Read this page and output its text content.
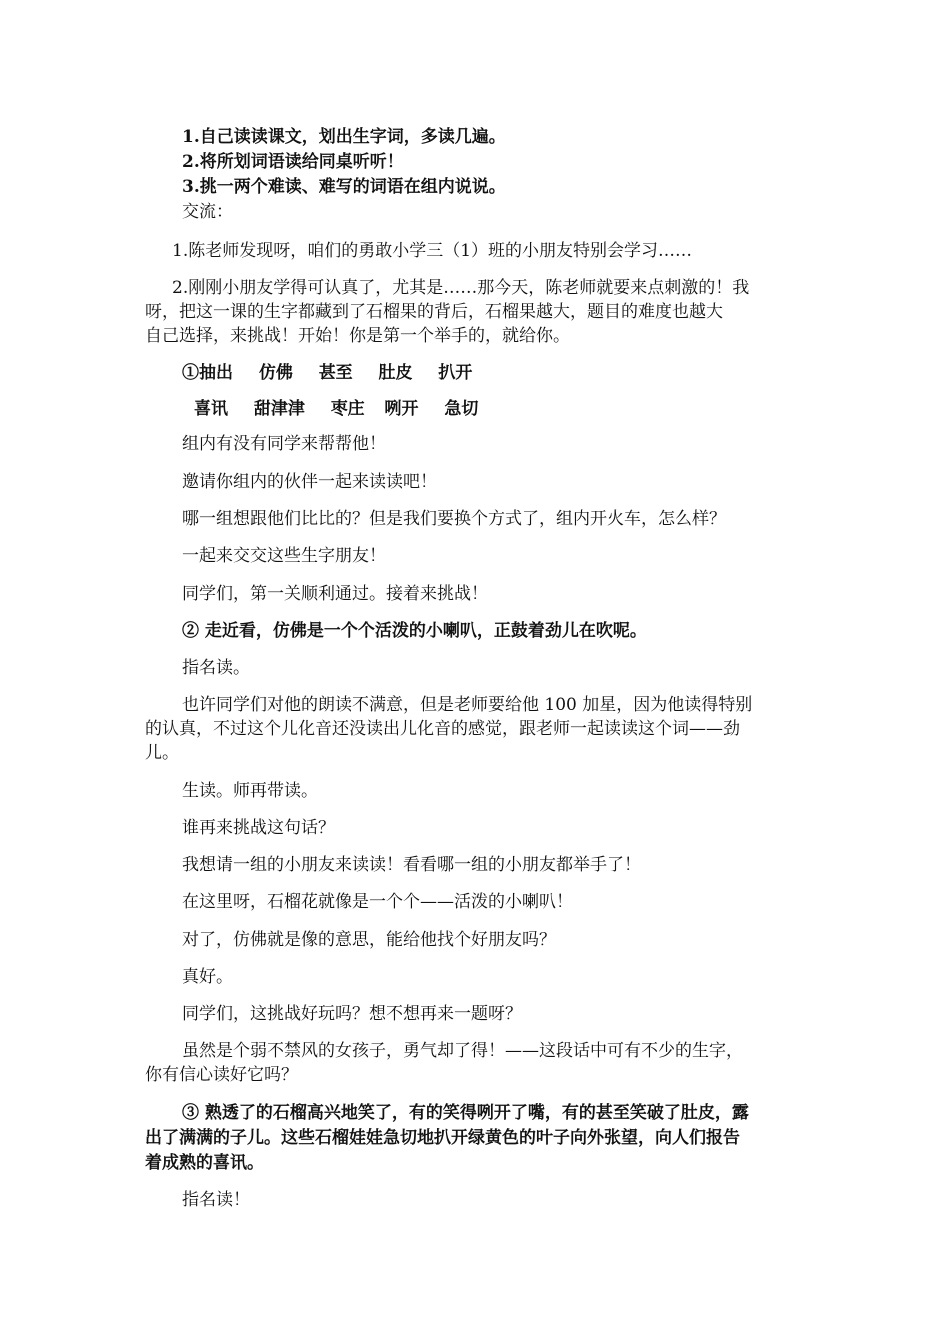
1.自己读读课文，划出生字词，多读几遍。
2.将所划词语读给同桌听听！
3.挑一两个难读、难写的词语在组内说说。
交流：
1.陈老师发现呀，咱们的勇敢小学三（1）班的小朋友特别会学习……
2.刚刚小朋友学得可认真了，尤其是……那今天，陈老师就要来点刺激的！我
呀，把这一课的生字都藏到了石榴果的背后，石榴果越大，题目的难度也越大
自己选择，来挑战！开始！你是第一个举手的，就给你。
①抽出 仿佛 甚至 肚皮 扒开
喜讯 甜津津 枣庄 咧开 急切
组内有没有同学来帮帮他！
邀请你组内的伙伴一起来读读吧！
哪一组想跟他们比比的？但是我们要换个方式了，组内开火车，怎么样？
一起来交交这些生字朋友！
同学们，第一关顺利通过。接着来挑战！
② 走近看，仿佛是一个个活泼的小喇叭，正鼓着劲儿在吹呢。
指名读。
也许同学们对他的朗读不满意，但是老师要给他 100 加星，因为他读得特别
的认真，不过这个儿化音还没读出儿化音的感觉，跟老师一起读读这个词——劲
儿。
生读。师再带读。
谁再来挑战这句话？
我想请一组的小朋友来读读！看看哪一组的小朋友都举手了！
在这里呀，石榴花就像是一个个——活泼的小喇叭！
对了，仿佛就是像的意思，能给他找个好朋友吗？
真好。
同学们，这挑战好玩吗？想不想再来一题呀？
虽然是个弱不禁风的女孩子，勇气却了得！——这段话中可有不少的生字，
你有信心读好它吗？
③ 熟透了的石榴高兴地笑了，有的笑得咧开了嘴，有的甚至笑破了肚皮，露
出了满满的子儿。这些石榴娃娃急切地扒开绿黄色的叶子向外张望，向人们报告
着成熟的喜讯。
指名读！
